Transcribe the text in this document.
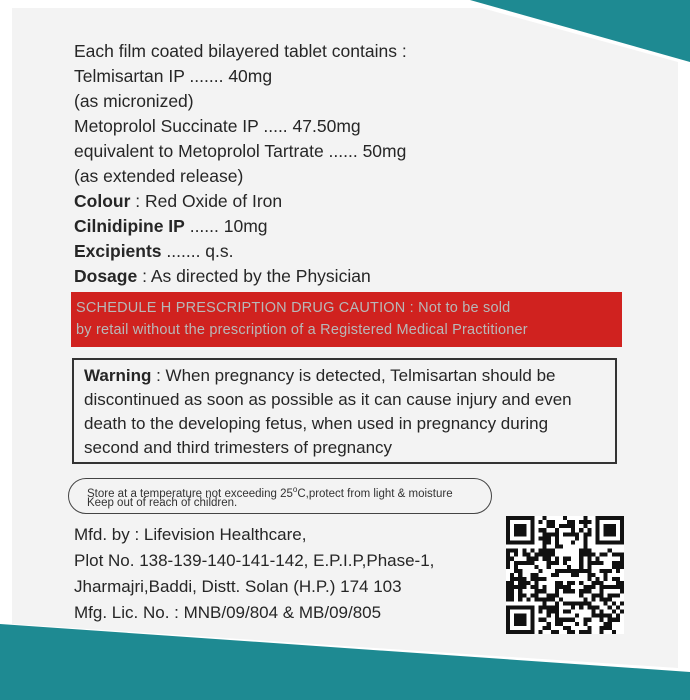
Each film coated bilayered tablet contains :
Telmisartan IP ....... 40mg
(as micronized)
Metoprolol Succinate IP ..... 47.50mg
equivalent to Metoprolol Tartrate ...... 50mg
(as extended release)
Colour : Red Oxide of Iron
Cilnidipine IP ...... 10mg
Excipients ....... q.s.
Dosage : As directed by the Physician
SCHEDULE H PRESCRIPTION DRUG CAUTION : Not to be sold
by retail without the prescription of a Registered Medical Practitioner
Warning : When pregnancy is detected, Telmisartan should be
discontinued as soon as possible as it can cause injury and even
death to the developing fetus, when used in pregnancy during
second and third trimesters of pregnancy
Store at a temperature not exceeding 25$^o$C,protect from light & moisture
Keep out of reach of children.
Mfd. by : Lifevision Healthcare,
Plot No. 138-139-140-141-142, E.P.I.P,Phase-1,
Jharmajri,Baddi, Distt. Solan (H.P.) 174 103
Mfg. Lic. No. : MNB/09/804 & MB/09/805
